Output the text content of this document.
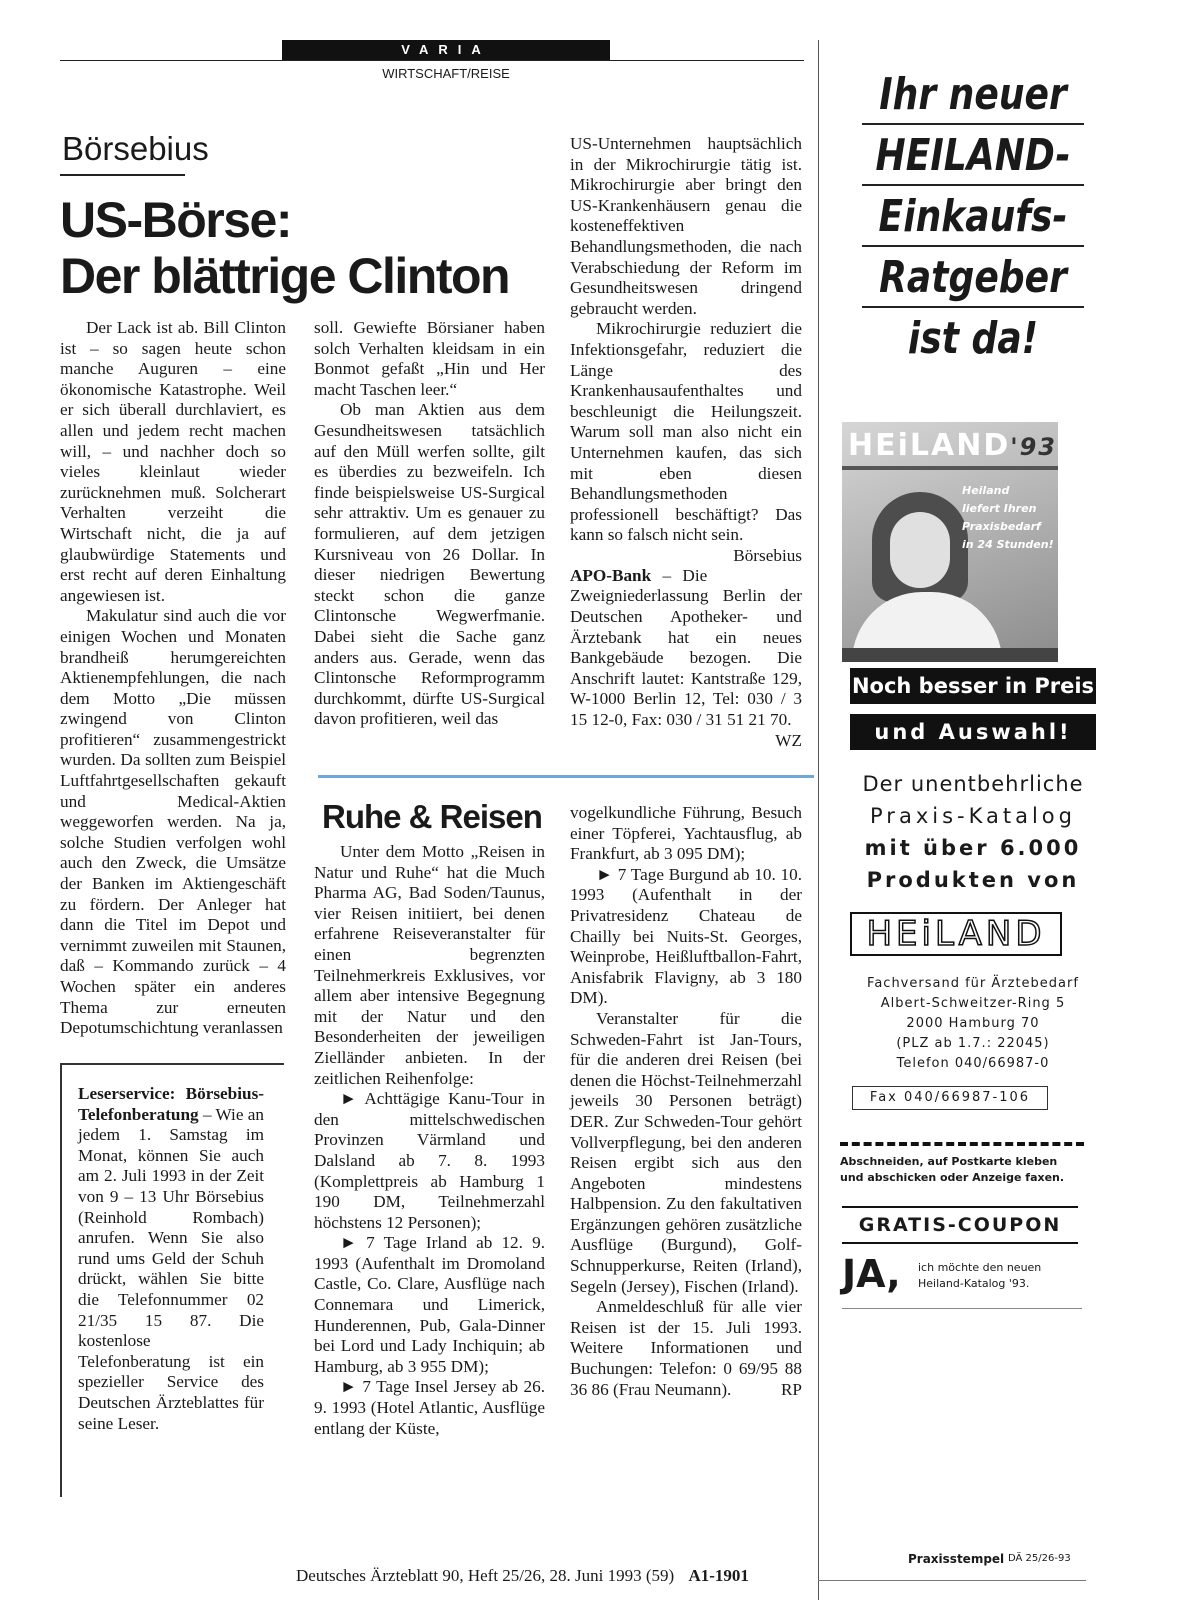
VARIA
WIRTSCHAFT/REISE
Börsebius
US-Börse:
Der blättrige Clinton

Der Lack ist ab. Bill Clinton ist – so sagen heute schon manche Auguren – eine ökonomische Katastrophe. Weil er sich überall durchlaviert, es allen und jedem recht machen will, – und nachher doch so vieles kleinlaut wieder zurücknehmen muß. Solcherart Verhalten verzeiht die Wirtschaft nicht, die ja auf glaubwürdige Statements und erst recht auf deren Einhaltung angewiesen ist.

Makulatur sind auch die vor einigen Wochen und Monaten brandheiß herumgereichten Aktienempfehlungen, die nach dem Motto „Die müssen zwingend von Clinton profitieren“ zusammengestrickt wurden. Da sollten zum Beispiel Luftfahrtgesellschaften gekauft und Medical-Aktien weggeworfen werden. Na ja, solche Studien verfolgen wohl auch den Zweck, die Umsätze der Banken im Aktiengeschäft zu fördern. Der Anleger hat dann die Titel im Depot und vernimmt zuweilen mit Staunen, daß – Kommando zurück – 4 Wochen später ein anderes Thema zur erneuten Depotumschichtung veranlassen

soll. Gewiefte Börsianer haben solch Verhalten kleidsam in ein Bonmot gefaßt „Hin und Her macht Taschen leer.“

Ob man Aktien aus dem Gesundheitswesen tatsächlich auf den Müll werfen sollte, gilt es überdies zu bezweifeln. Ich finde beispielsweise US-Surgical sehr attraktiv. Um es genauer zu formulieren, auf dem jetzigen Kursniveau von 26 Dollar. In dieser niedrigen Bewertung steckt schon die ganze Clintonsche Wegwerfmanie. Dabei sieht die Sache ganz anders aus. Gerade, wenn das Clintonsche Reformprogramm durchkommt, dürfte US-Surgical davon profitieren, weil das

US-Unternehmen hauptsächlich in der Mikrochirurgie tätig ist. Mikrochirurgie aber bringt den US-Krankenhäusern genau die kosteneffektiven Behandlungsmethoden, die nach Verabschiedung der Reform im Gesundheitswesen dringend gebraucht werden.

Mikrochirurgie reduziert die Infektionsgefahr, reduziert die Länge des Krankenhausaufenthaltes und beschleunigt die Heilungszeit. Warum soll man also nicht ein Unternehmen kaufen, das sich mit eben diesen Behandlungsmethoden professionell beschäftigt? Das kann so falsch nicht sein.
Börsebius

APO-Bank – Die Zweigniederlassung Berlin der Deutschen Apotheker- und Ärztebank hat ein neues Bankgebäude bezogen. Die Anschrift lautet: Kantstraße 129, W-1000 Berlin 12, Tel: 030 / 3 15 12-0, Fax: 030 / 31 51 21 70.
WZ

Leserservice: Börsebius-Telefonberatung – Wie an jedem 1. Samstag im Monat, können Sie auch am 2. Juli 1993 in der Zeit von 9 – 13 Uhr Börsebius (Reinhold Rombach) anrufen. Wenn Sie also rund ums Geld der Schuh drückt, wählen Sie bitte die Telefonnummer 02 21/35 15 87. Die kostenlose Telefonberatung ist ein spezieller Service des Deutschen Ärzteblattes für seine Leser.

Ruhe & Reisen

Unter dem Motto „Reisen in Natur und Ruhe“ hat die Much Pharma AG, Bad Soden/Taunus, vier Reisen initiiert, bei denen erfahrene Reiseveranstalter für einen begrenzten Teilnehmerkreis Exklusives, vor allem aber intensive Begegnung mit der Natur und den Besonderheiten der jeweiligen Zielländer anbieten. In der zeitlichen Reihenfolge:

► Achttägige Kanu-Tour in den mittelschwedischen Provinzen Värmland und Dalsland ab 7. 8. 1993 (Komplettpreis ab Hamburg 1 190 DM, Teilnehmerzahl höchstens 12 Personen);

► 7 Tage Irland ab 12. 9. 1993 (Aufenthalt im Dromoland Castle, Co. Clare, Ausflüge nach Connemara und Limerick, Hunderennen, Pub, Gala-Dinner bei Lord und Lady Inchiquin; ab Hamburg, ab 3 955 DM);

► 7 Tage Insel Jersey ab 26. 9. 1993 (Hotel Atlantic, Ausflüge entlang der Küste,

vogelkundliche Führung, Besuch einer Töpferei, Yachtausflug, ab Frankfurt, ab 3 095 DM);

► 7 Tage Burgund ab 10. 10. 1993 (Aufenthalt in der Privatresidenz Chateau de Chailly bei Nuits-St. Georges, Weinprobe, Heißluftballon-Fahrt, Anisfabrik Flavigny, ab 3 180 DM).

Veranstalter für die Schweden-Fahrt ist Jan-Tours, für die anderen drei Reisen (bei denen die Höchst-Teilnehmerzahl jeweils 30 Personen beträgt) DER. Zur Schweden-Tour gehört Vollverpflegung, bei den anderen Reisen ergibt sich aus den Angeboten mindestens Halbpension. Zu den fakultativen Ergänzungen gehören zusätzliche Ausflüge (Burgund), Golf-Schnupperkurse, Reiten (Irland), Segeln (Jersey), Fischen (Irland).

Anmeldeschluß für alle vier Reisen ist der 15. Juli 1993. Weitere Informationen und Buchungen: Telefon: 0 69/95 88 36 86 (Frau Neumann).	RP

Deutsches Ärzteblatt 90, Heft 25/26, 28. Juni 1993 (59) A1-1901
Ihr neuer
HEILAND-
Einkaufs-
Ratgeber
ist da!
HEiLAND'93
Heiland
liefert Ihren
Praxisbedarf
in 24 Stunden!
Noch besser in Preis
und Auswahl!
Der unentbehrliche
Praxis-Katalog
mit über 6.000
Produkten von
HEiLAND
Fachversand für Ärztebedarf
Albert-Schweitzer-Ring 5
2000 Hamburg 70
(PLZ ab 1.7.: 22045)
Telefon 040/66987-0
Fax 040/66987-106
Abschneiden, auf Postkarte kleben und abschicken oder Anzeige faxen.
GRATIS-COUPON
JA, ich möchte den neuen Heiland-Katalog '93.
Praxisstempel DÄ 25/26-93
